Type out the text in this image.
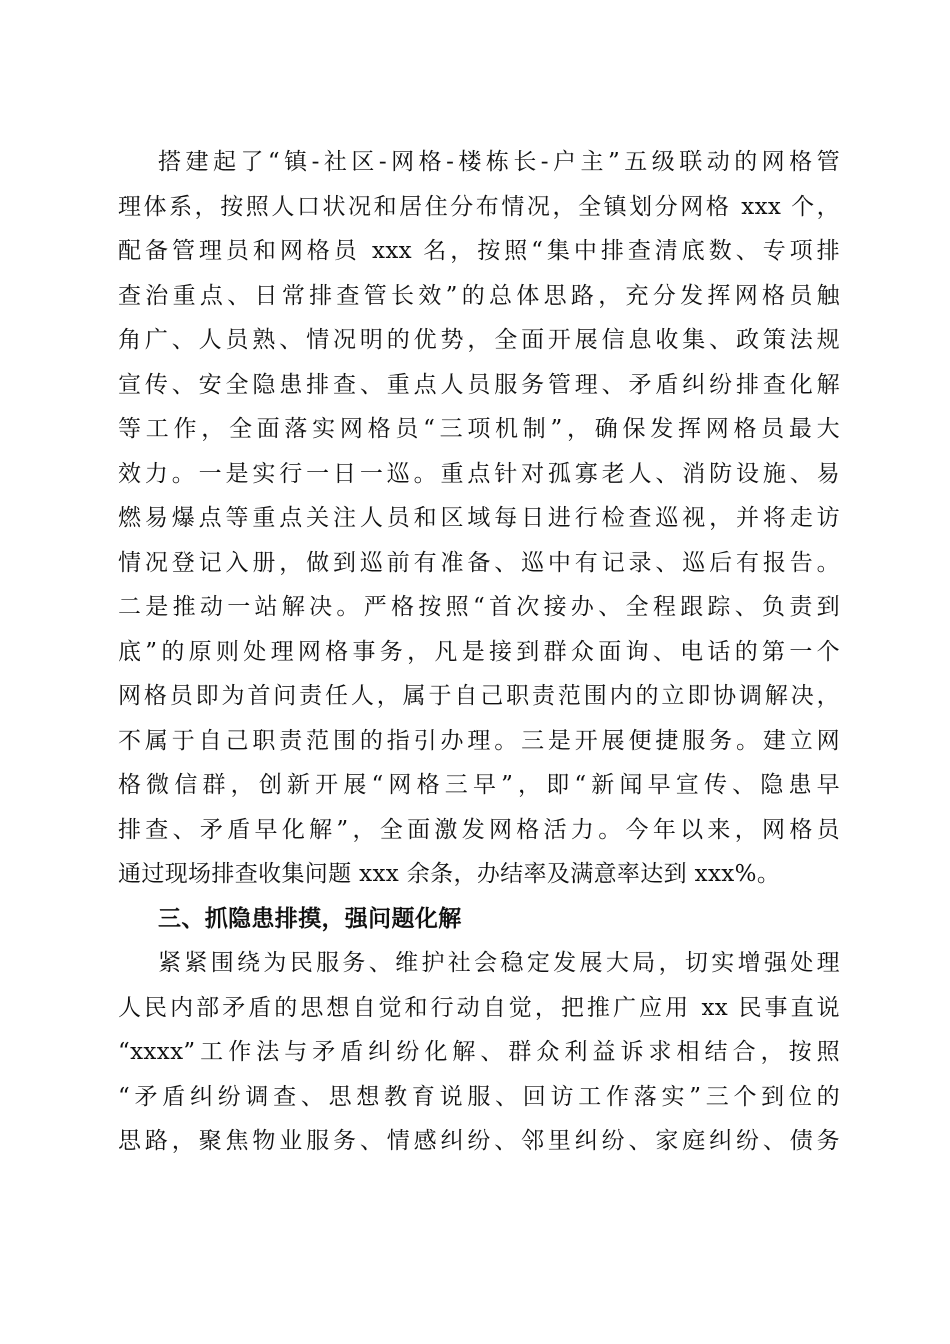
搭建起了“镇-社区-网格-楼栋长-户主”五级联动的网格管
理体系，按照人口状况和居住分布情况，全镇划分网格 xxx 个，
配备管理员和网格员 xxx 名，按照“集中排查清底数、专项排
查治重点、日常排查管长效”的总体思路，充分发挥网格员触
角广、人员熟、情况明的优势，全面开展信息收集、政策法规
宣传、安全隐患排查、重点人员服务管理、矛盾纠纷排查化解
等工作，全面落实网格员“三项机制”，确保发挥网格员最大
效力。一是实行一日一巡。重点针对孤寡老人、消防设施、易
燃易爆点等重点关注人员和区域每日进行检查巡视，并将走访
情况登记入册，做到巡前有准备、巡中有记录、巡后有报告。
二是推动一站解决。严格按照“首次接办、全程跟踪、负责到
底”的原则处理网格事务，凡是接到群众面询、电话的第一个
网格员即为首问责任人，属于自己职责范围内的立即协调解决，
不属于自己职责范围的指引办理。三是开展便捷服务。建立网
格微信群，创新开展“网格三早”，即“新闻早宣传、隐患早
排查、矛盾早化解”，全面激发网格活力。今年以来，网格员
通过现场排查收集问题 xxx 余条，办结率及满意率达到 xxx%。
三、抓隐患排摸，强问题化解
紧紧围绕为民服务、维护社会稳定发展大局，切实增强处理
人民内部矛盾的思想自觉和行动自觉，把推广应用 xx 民事直说
“xxxx”工作法与矛盾纠纷化解、群众利益诉求相结合，按照
“矛盾纠纷调查、思想教育说服、回访工作落实”三个到位的
思路，聚焦物业服务、情感纠纷、邻里纠纷、家庭纠纷、债务
